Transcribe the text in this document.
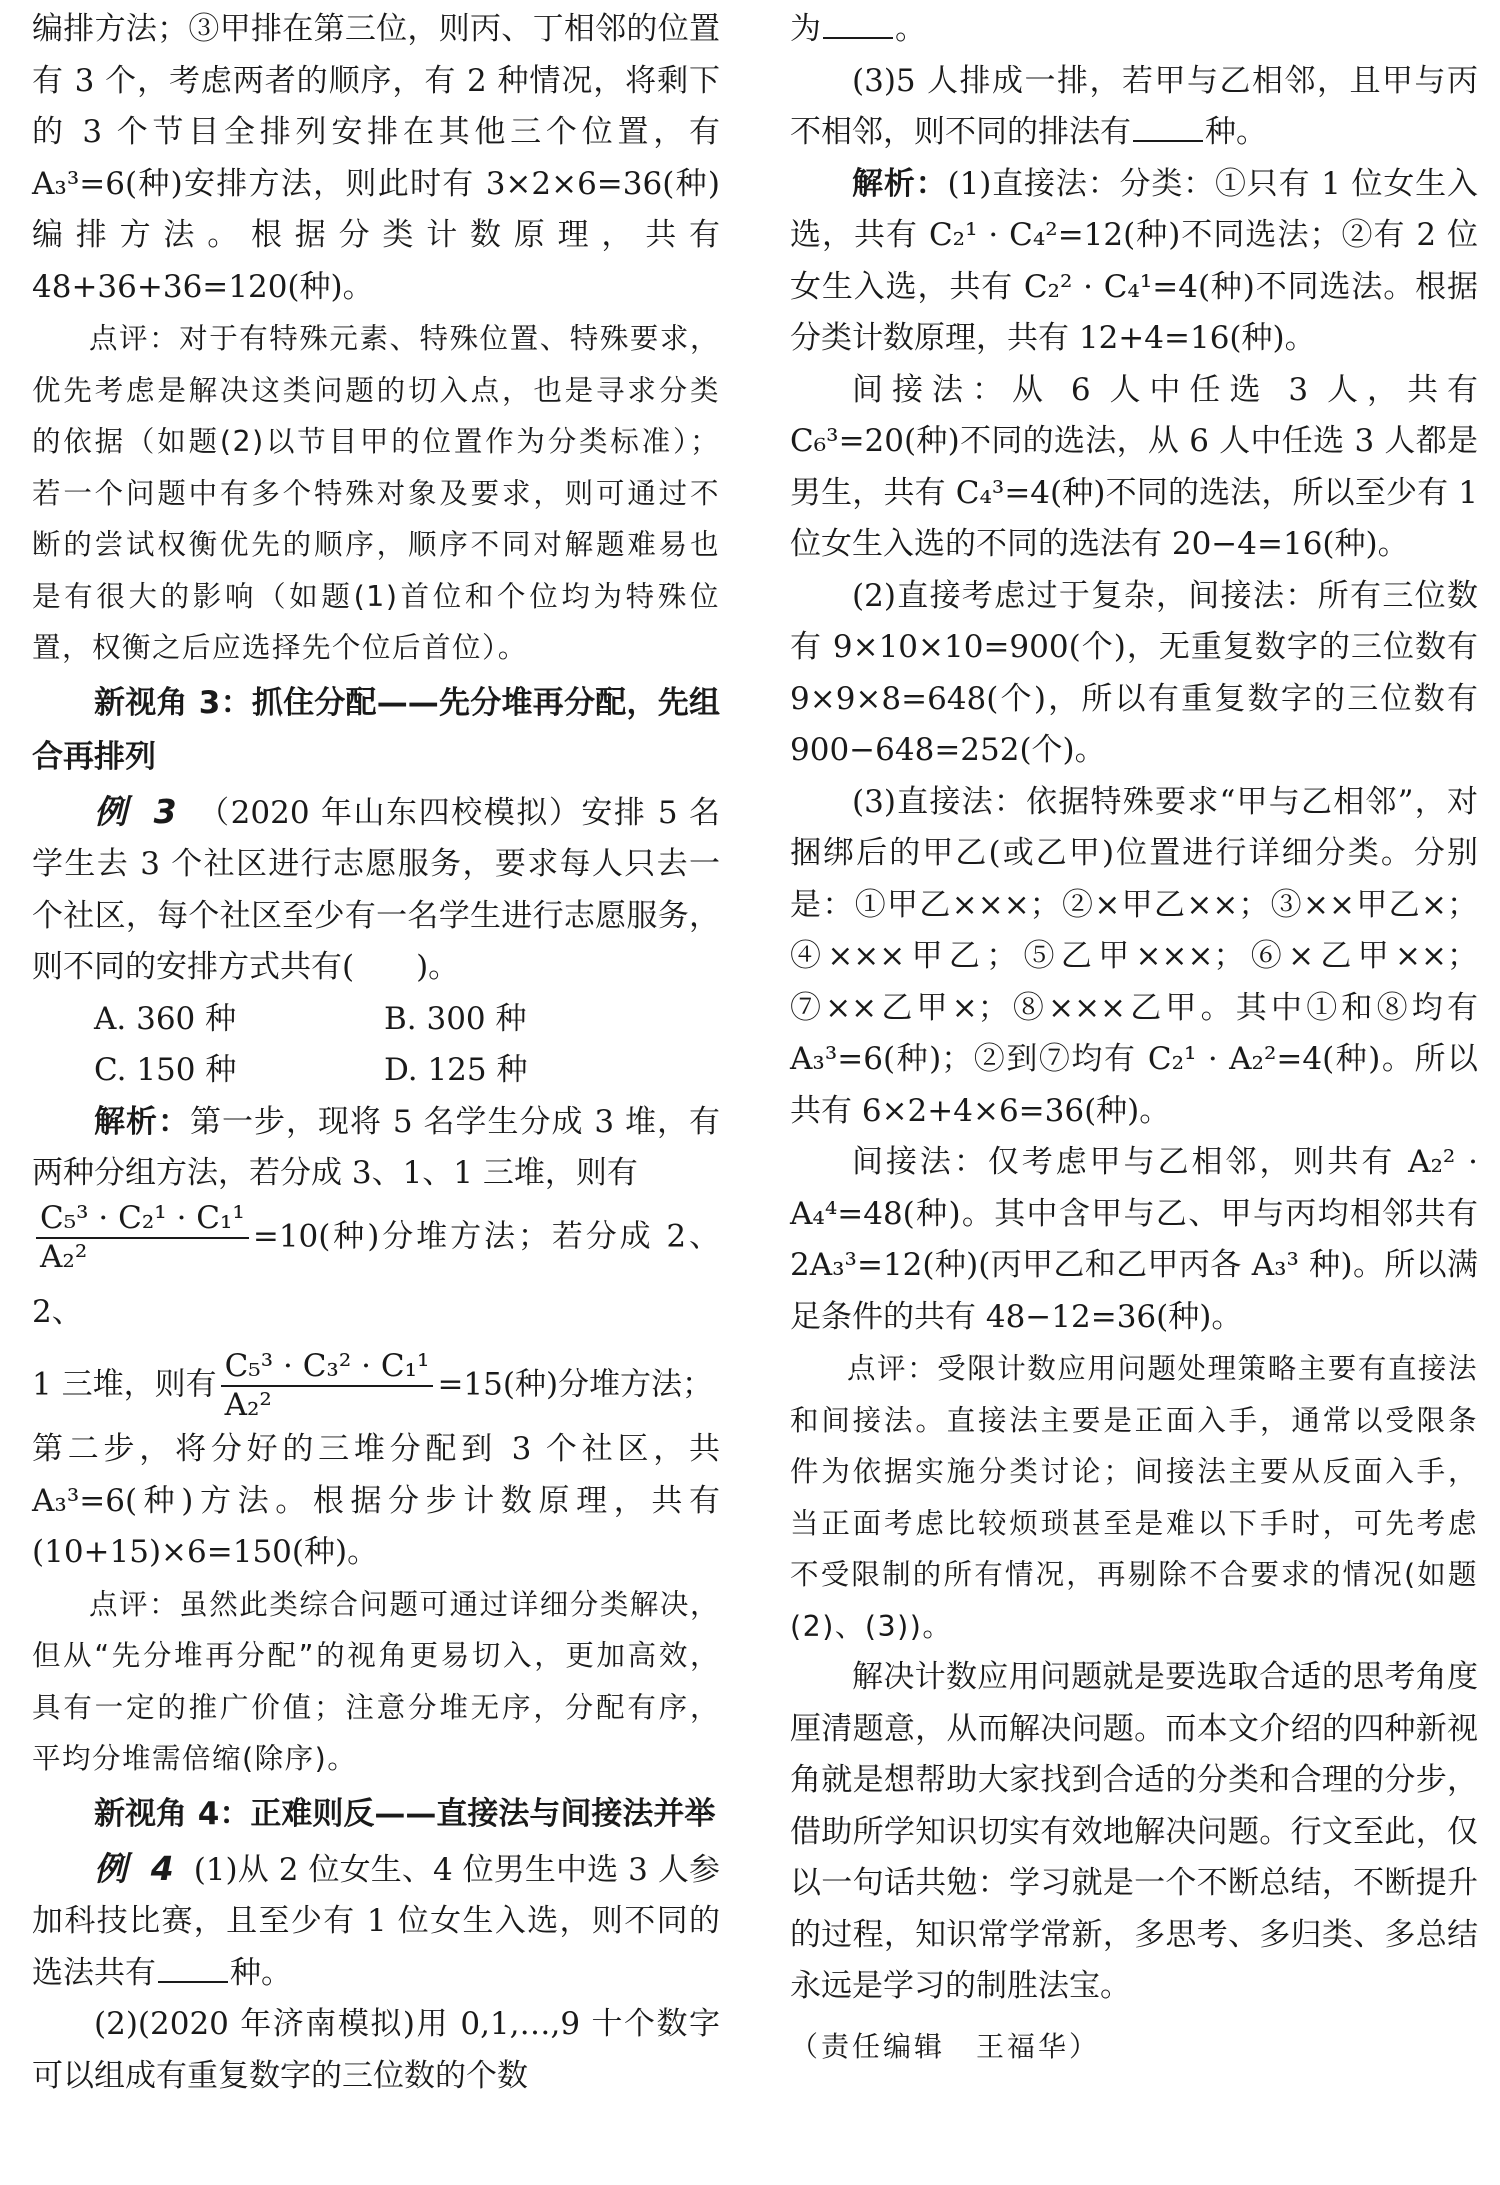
编排方法；③甲排在第三位，则丙、丁相邻的位置有 3 个，考虑两者的顺序，有 2 种情况，将剩下的 3 个节目全排列安排在其他三个位置，有 A₃³=6(种)安排方法，则此时有 3×2×6=36(种)编排方法。根据分类计数原理，共有 48+36+36=120(种)。

点评：对于有特殊元素、特殊位置、特殊要求，优先考虑是解决这类问题的切入点，也是寻求分类的依据（如题(2)以节目甲的位置作为分类标准）；若一个问题中有多个特殊对象及要求，则可通过不断的尝试权衡优先的顺序，顺序不同对解题难易也是有很大的影响（如题(1)首位和个位均为特殊位置，权衡之后应选择先个位后首位）。

新视角 3：抓住分配——先分堆再分配，先组合再排列

例 3 （2020 年山东四校模拟）安排 5 名学生去 3 个社区进行志愿服务，要求每人只去一个社区，每个社区至少有一名学生进行志愿服务，则不同的安排方式共有(　　)。

A. 360 种	B. 300 种
C. 150 种	D. 125 种

解析：第一步，现将 5 名学生分成 3 堆，有两种分组方法，若分成 3、1、1 三堆，则有

$\frac{\text{C₅³ · C₂¹ · C₁¹}}{\text{A₂²}} =10$(种)分堆方法；若分成 2、2、

1 三堆，则有 $\frac{\text{C₅³ · C₃² · C₁¹}}{\text{A₂²}} =15$(种)分堆方法；

第二步，将分好的三堆分配到 3 个社区，共 A₃³=6(种)方法。根据分步计数原理，共有 (10+15)×6=150(种)。

点评：虽然此类综合问题可通过详细分类解决，但从“先分堆再分配”的视角更易切入，更加高效，具有一定的推广价值；注意分堆无序，分配有序，平均分堆需倍缩(除序)。

新视角 4：正难则反——直接法与间接法并举

例 4 (1)从 2 位女生、4 位男生中选 3 人参加科技比赛，且至少有 1 位女生入选，则不同的选法共有 种。

(2)(2020 年济南模拟)用 0,1,…,9 十个数字可以组成有重复数字的三位数的个数

为 。

(3)5 人排成一排，若甲与乙相邻，且甲与丙不相邻，则不同的排法有 种。

解析：(1)直接法：分类：①只有 1 位女生入选，共有 C₂¹ · C₄²=12(种)不同选法；②有 2 位女生入选，共有 C₂² · C₄¹=4(种)不同选法。根据分类计数原理，共有 12+4=16(种)。

间接法：从 6 人中任选 3 人，共有 C₆³=20(种)不同的选法，从 6 人中任选 3 人都是男生，共有 C₄³=4(种)不同的选法，所以至少有 1 位女生入选的不同的选法有 20−4=16(种)。

(2)直接考虑过于复杂，间接法：所有三位数有 9×10×10=900(个)，无重复数字的三位数有 9×9×8=648(个)，所以有重复数字的三位数有 900−648=252(个)。

(3)直接法：依据特殊要求“甲与乙相邻”，对捆绑后的甲乙(或乙甲)位置进行详细分类。分别是：①甲乙×××；②×甲乙××；③××甲乙×；④×××甲乙；⑤乙甲×××；⑥×乙甲××；⑦××乙甲×；⑧×××乙甲。其中①和⑧均有 A₃³=6(种)；②到⑦均有 C₂¹ · A₂²=4(种)。所以共有 6×2+4×6=36(种)。

间接法：仅考虑甲与乙相邻，则共有 A₂² · A₄⁴=48(种)。其中含甲与乙、甲与丙均相邻共有 2A₃³=12(种)(丙甲乙和乙甲丙各 A₃³ 种)。所以满足条件的共有 48−12=36(种)。

点评：受限计数应用问题处理策略主要有直接法和间接法。直接法主要是正面入手，通常以受限条件为依据实施分类讨论；间接法主要从反面入手，当正面考虑比较烦琐甚至是难以下手时，可先考虑不受限制的所有情况，再剔除不合要求的情况(如题(2)、(3))。

解决计数应用问题就是要选取合适的思考角度厘清题意，从而解决问题。而本文介绍的四种新视角就是想帮助大家找到合适的分类和合理的分步，借助所学知识切实有效地解决问题。行文至此，仅以一句话共勉：学习就是一个不断总结，不断提升的过程，知识常学常新，多思考、多归类、多总结永远是学习的制胜法宝。

（责任编辑　王福华）
